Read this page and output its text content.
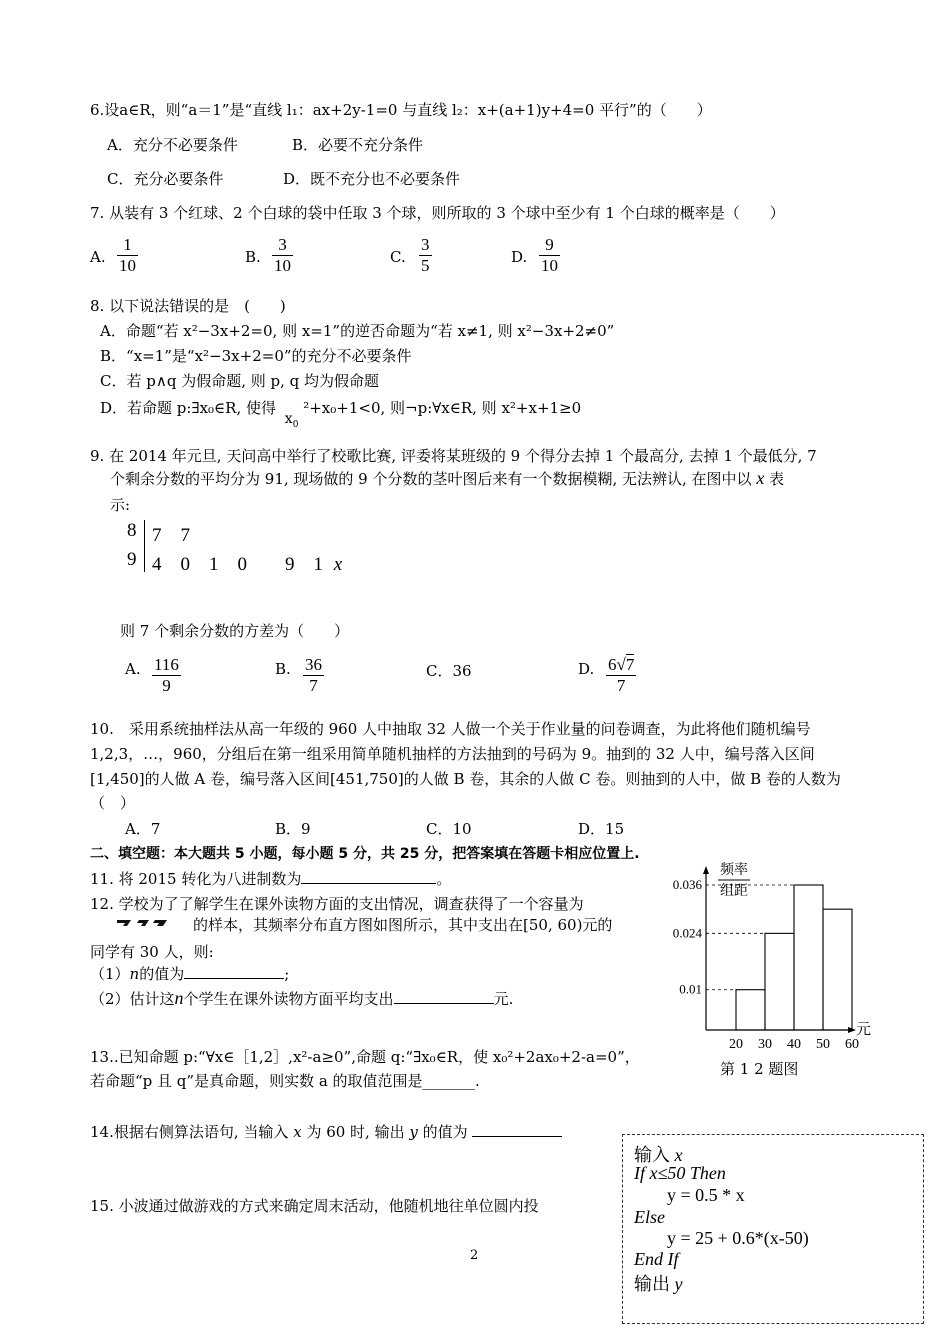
6.设a∈R，则“a＝1”是“直线 l₁：ax+2y-1=0 与直线 l₂：x+(a+1)y+4=0 平行”的（　　）
A．充分不必要条件	B．必要不充分条件
C．充分必要条件	D．既不充分也不必要条件
7. 从装有 3 个红球、2 个白球的袋中任取 3 个球，则所取的 3 个球中至少有 1 个白球的概率是（　　）
A. $\frac{1}{10}$	B. $\frac{3}{10}$	C. $\frac{3}{5}$	D. $\frac{9}{10}$
8. 以下说法错误的是　(　　)
A．命题“若 x²−3x+2=0, 则 x=1”的逆否命题为“若 x≠1, 则 x²−3x+2≠0”
B．“x=1”是“x²−3x+2=0”的充分不必要条件
C．若 p∧q 为假命题, 则 p, q 均为假命题
D．若命题 p:∃x₀∈R, 使得 $x_0$ ²+x₀+1<0, 则¬p:∀x∈R, 则 x²+x+1≥0
9. 在 2014 年元旦, 天问高中举行了校歌比赛, 评委将某班级的 9 个得分去掉 1 个最高分, 去掉 1 个最低分, 7
个剩余分数的平均分为 91, 现场做的 9 个分数的茎叶图后来有一个数据模糊, 无法辨认, 在图中以 x 表
示:
8 7　7
9 4　0　1　0　　9　1 x
则 7 个剩余分数的方差为（　　）
A. $\frac{116}{9}$	B. $\frac{36}{7}$	C．36	D. $\frac{6√7}{7}$
10.　采用系统抽样法从高一年级的 960 人中抽取 32 人做一个关于作业量的问卷调查，为此将他们随机编号
1,2,3，…，960，分组后在第一组采用简单随机抽样的方法抽到的号码为 9。抽到的 32 人中，编号落入区间
[1,450]的人做 A 卷，编号落入区间[451,750]的人做 B 卷，其余的人做 C 卷。则抽到的人中，做 B 卷的人数为
（　）
A．7	B．9	C．10	D．15
二、填空题：本大题共 5 小题，每小题 5 分，共 25 分，把答案填在答题卡相应位置上.
11. 将 2015 转化为八进制数为	。
12. 学校为了了解学生在课外读物方面的支出情况，调查获得了一个容量为
的样本，其频率分布直方图如图所示，其中支出在[50, 60)元的
同学有 30 人，则:
（1）n的值为	;
（2）估计这n个学生在课外读物方面平均支出	元.
频率
组距
元
0.01
0.024
0.036
20 30 40 50 60
第 1 2 题图
13..已知命题 p:“∀x∈［1,2］,x²-a≥0”,命题 q:“∃x₀∈R，使 x₀²+2ax₀+2-a=0”，
若命题“p 且 q”是真命题，则实数 a 的取值范围是_______.
14.根据右侧算法语句, 当输入 x 为 60 时, 输出 y 的值为
15. 小波通过做游戏的方式来确定周末活动，他随机地往单位圆内投
2
输入 x
If x≤50 Then
y = 0.5 * x
Else
y = 25 + 0.6*(x-50)
End If
输出 y
